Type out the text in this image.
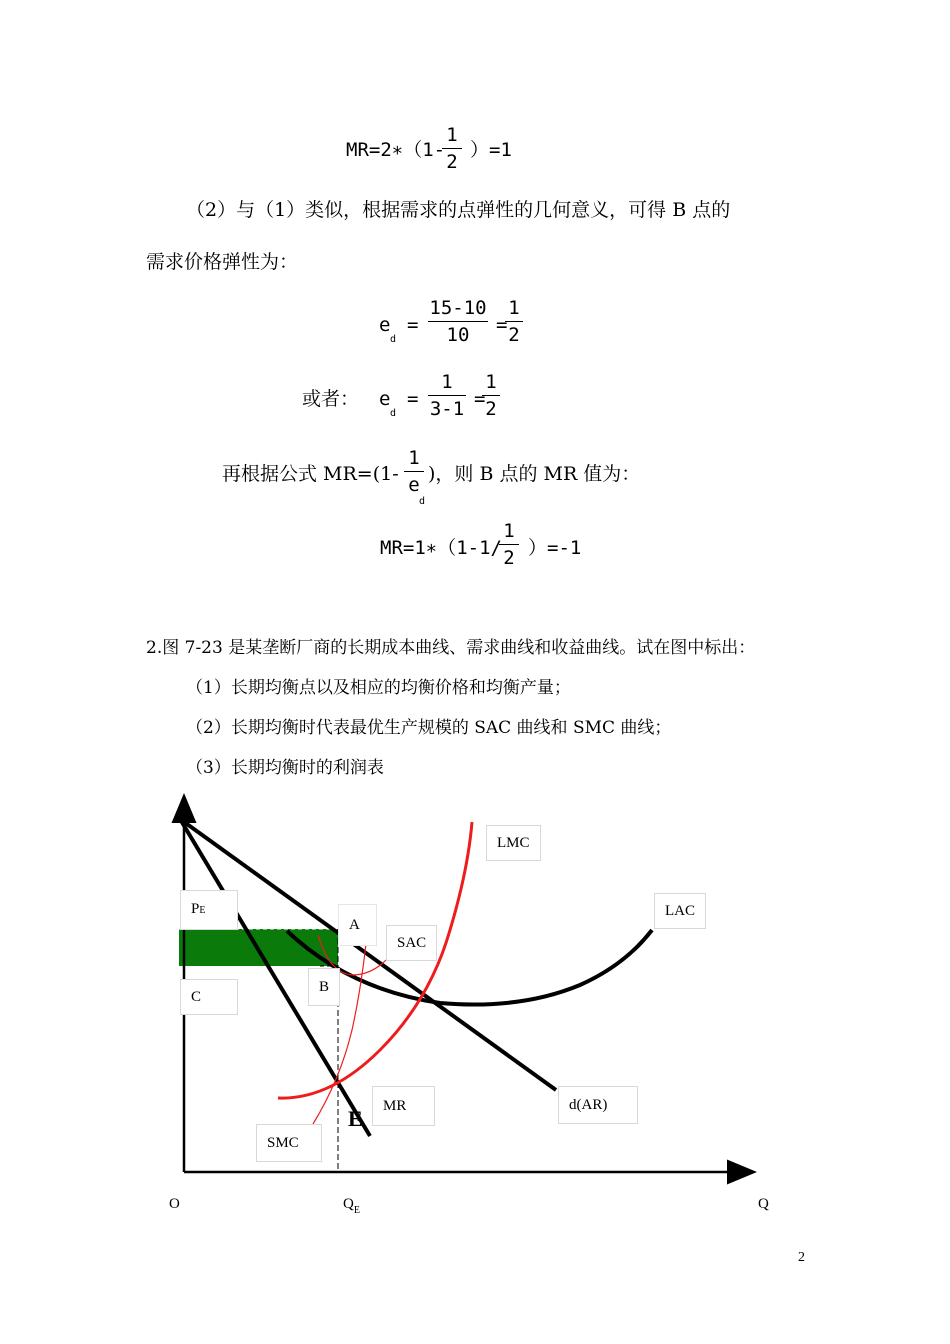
MR=2∗（1-
1
2
）=1
（2）与（1）类似，根据需求的点弹性的几何意义，可得 B 点的
需求价格弹性为：
e
d
=
15-10
10	=
1
2
或者： e
d
=
1
3-1 =
1
2
再根据公式 MR=(1-
1
e
d
)，则 B 点的 MR 值为：
MR=1∗（1-1/
1
2 ）=-1
2.图 7-23 是某垄断厂商的长期成本曲线、需求曲线和收益曲线。试在图中标出：
（1）长期均衡点以及相应的均衡价格和均衡产量；
（2）长期均衡时代表最优生产规模的 SAC 曲线和 SMC 曲线；
（3）长期均衡时的利润表
LMC
LAC
A
SAC
B
C
PE
MR	d(AR)
SMC
E
O	$Q_E$	Q
2
